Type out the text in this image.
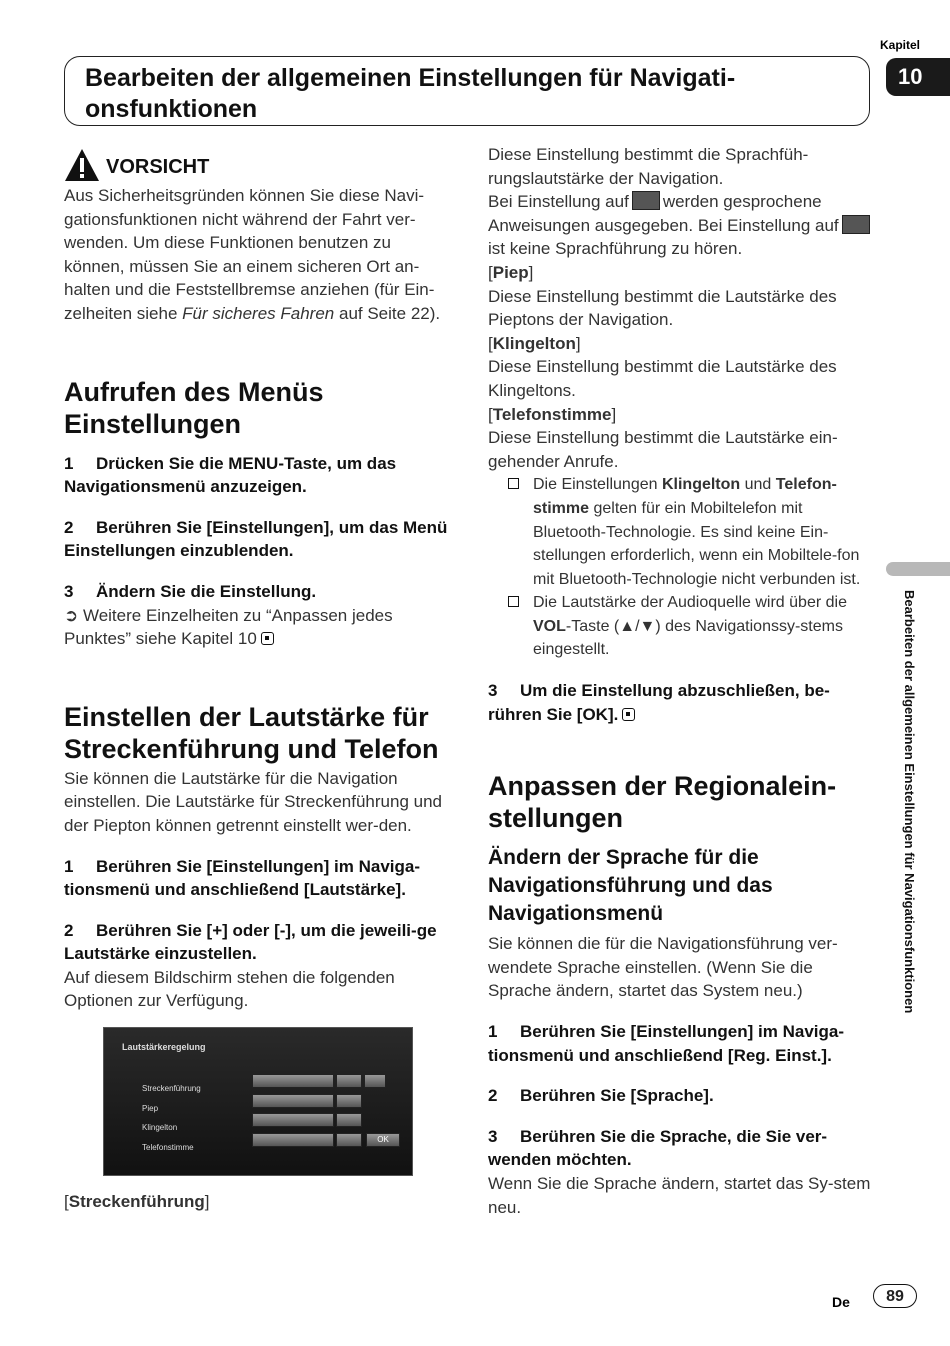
Kapitel
10
Bearbeiten der allgemeinen Einstellungen für Navigati- onsfunktionen
Bearbeiten der allgemeinen Einstellungen für Navigationsfunktionen
VORSICHT

Aus Sicherheitsgründen können Sie diese Navi-gationsfunktionen nicht während der Fahrt ver-wenden. Um diese Funktionen benutzen zu können, müssen Sie an einem sicheren Ort an-halten und die Feststellbremse anziehen (für Ein-zelheiten siehe Für sicheres Fahren auf Seite 22).

Aufrufen des Menüs Einstellungen

1 Drücken Sie die MENU-Taste, um das Navigationsmenü anzuzeigen.

2 Berühren Sie [Einstellungen], um das Menü Einstellungen einzublenden.

3 Ändern Sie die Einstellung.

➲ Weitere Einzelheiten zu “Anpassen jedes Punktes” siehe Kapitel 10

Einstellen der Lautstärke für Streckenführung und Telefon

Sie können die Lautstärke für die Navigation einstellen. Die Lautstärke für Streckenführung und der Piepton können getrennt einstellt wer-den.

1 Berühren Sie [Einstellungen] im Naviga-tionsmenü und anschließend [Lautstärke].

2 Berühren Sie [+] oder [-], um die jeweili-ge Lautstärke einzustellen.

Auf diesem Bildschirm stehen die folgenden Optionen zur Verfügung.

Lautstärkeregelung
Streckenführung
Piep
Klingelton
Telefonstimme
OK

[Streckenführung]

Diese Einstellung bestimmt die Sprachfüh-rungslautstärke der Navigation.

Bei Einstellung auf werden gesprochene Anweisungen ausgegeben. Bei Einstellung aufist keine Sprachführung zu hören.

[Piep]

Diese Einstellung bestimmt die Lautstärke des Pieptons der Navigation.

[Klingelton]

Diese Einstellung bestimmt die Lautstärke des Klingeltons.

[Telefonstimme]

Diese Einstellung bestimmt die Lautstärke ein-gehender Anrufe.

Die Einstellungen Klingelton und Telefon-stimme gelten für ein Mobiltelefon mit Bluetooth-Technologie. Es sind keine Ein-stellungen erforderlich, wenn ein Mobiltele-fon mit Bluetooth-Technologie nicht verbunden ist.

Die Lautstärke der Audioquelle wird über die VOL-Taste (▲/▼) des Navigationssy-stems eingestellt.

3 Um die Einstellung abzuschließen, be-rühren Sie [OK].

Anpassen der Regionalein-stellungen
Ändern der Sprache für die Navigationsführung und das Navigationsmenü

Sie können die für die Navigationsführung ver-wendete Sprache einstellen. (Wenn Sie die Sprache ändern, startet das System neu.)

1 Berühren Sie [Einstellungen] im Naviga-tionsmenü und anschließend [Reg. Einst.].

2 Berühren Sie [Sprache].

3 Berühren Sie die Sprache, die Sie ver-wenden möchten.

Wenn Sie die Sprache ändern, startet das Sy-stem neu.

De	89
